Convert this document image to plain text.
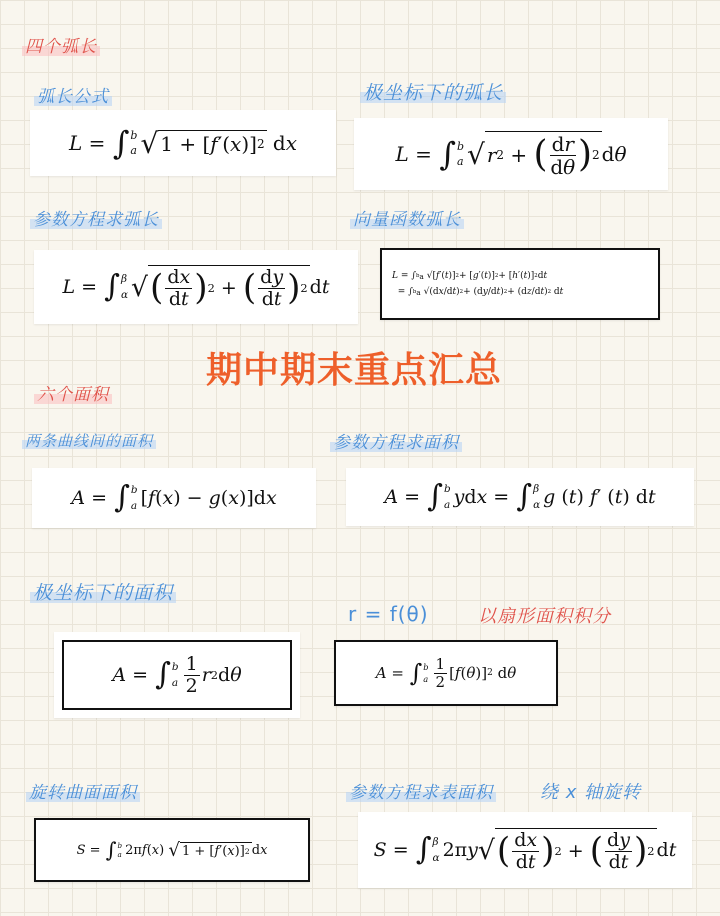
四个弧长
弧长公式	极坐标下的弧长
参数方程求弧长	向量函数弧长
六个面积
期中期末重点汇总
两条曲线间的面积	参数方程求面积
极坐标下的面积
r = f(θ)	以扇形面积积分
旋转曲面面积	参数方程求表面积	绕 x 轴旋转
L = ∫ b
a √ 1 + [ f ′( x )] 2 d x	L = ∫ b
a √ r 2 + ( $\frac{dr}{d\theta}$ ) 2 d θ
L = ∫ β
α √ ( $\frac{dx}{dt}$ ) 2 + ( $\frac{dy}{dt}$ ) 2 d t	L = ∫ b a √[ f ′( t )] 2 + [ g ′( t )] 2 + [ h ′( t )] 2 d t
= ∫ b a √(d x /d t ) 2 + (d y /d t ) 2 + (d z /d t ) 2 d t
A = ∫ b
a [ f ( x ) − g ( x )]d x	A = ∫ b
a y d x = ∫ β
α g ( t ) f ′ ( t ) d t
A = ∫ b
a $\frac{1}{2}$ r 2 d θ	A = ∫ b
a $\frac{1}{2}$ [ f ( θ )] 2 d θ
S = ∫ b
a 2π f ( x ) √ 1 + [ f ′( x )] 2 d x	S = ∫ β
α 2π y √ ( $\frac{dx}{dt}$ ) 2 + ( $\frac{dy}{dt}$ ) 2 d t
